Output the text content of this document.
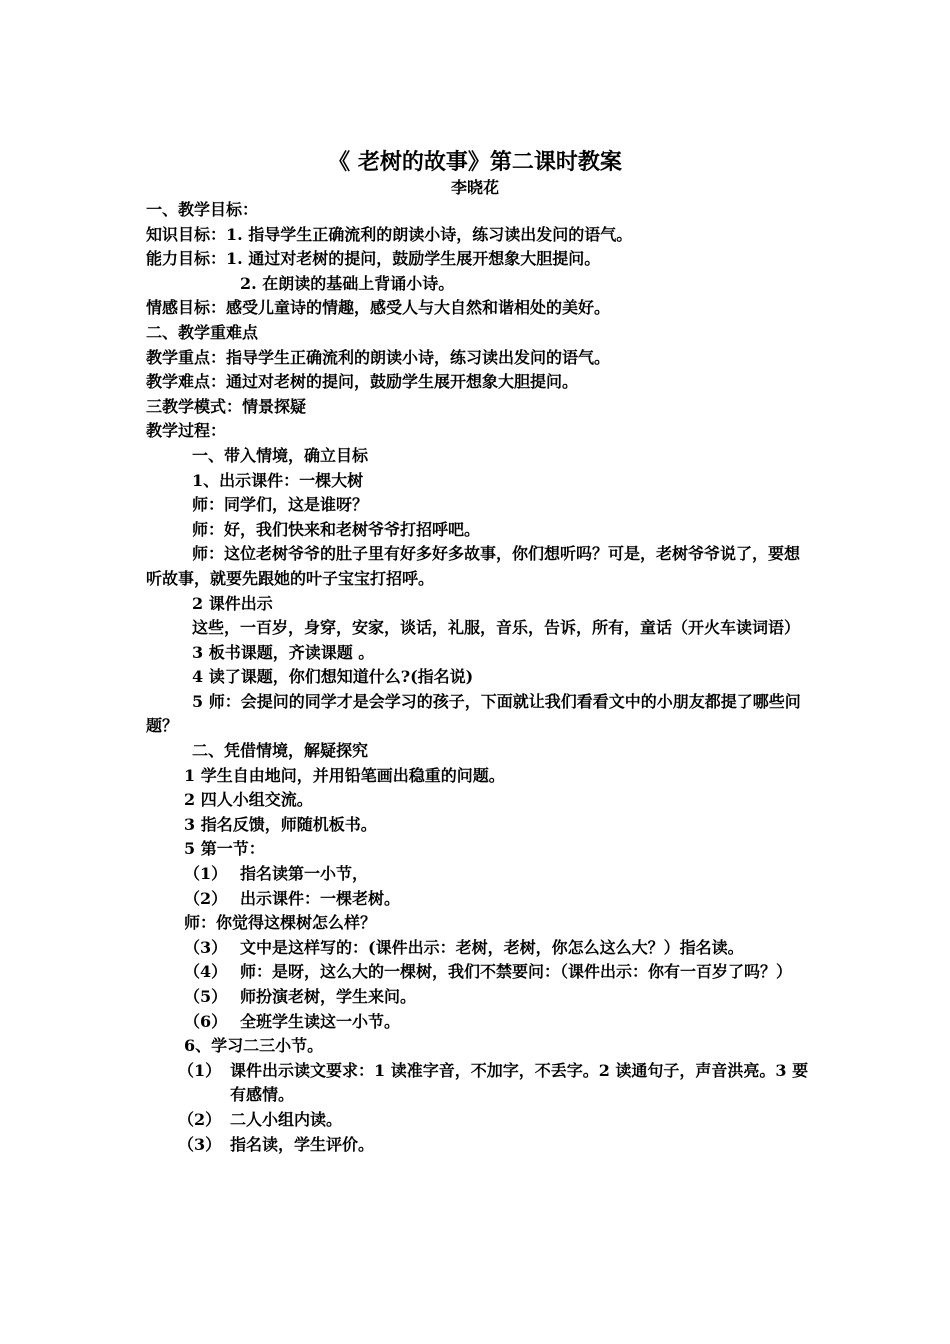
《 老树的故事》第二课时教案
李晓花
一、教学目标：
知识目标： 1. 指导学生正确流利的朗读小诗，练习读出发问的语气。
能力目标： 1. 通过对老树的提问，鼓励学生展开想象大胆提问。
2. 在朗读的基础上背诵小诗。
情感目标：感受儿童诗的情趣，感受人与大自然和谐相处的美好。
二、教学重难点
教学重点：指导学生正确流利的朗读小诗，练习读出发问的语气。
教学难点：通过对老树的提问，鼓励学生展开想象大胆提问。
三教学模式：情景探疑
教学过程：
一、带入情境，确立目标
1、出示课件：一棵大树
师：同学们，这是谁呀？
师：好，我们快来和老树爷爷打招呼吧。
师：这位老树爷爷的肚子里有好多好多故事，你们想听吗？可是，老树爷爷说了，要想听故事，就要先跟她的叶子宝宝打招呼。
2 课件出示
这些，一百岁，身穿，安家，谈话，礼服，音乐，告诉，所有，童话（开火车读词语）
3 板书课题，齐读课题 。
4 读了课题，你们想知道什么?(指名说)
5 师：会提问的同学才是会学习的孩子，下面就让我们看看文中的小朋友都提了哪些问题？
二、凭借情境，解疑探究
1 学生自由地问，并用铅笔画出稳重的问题。
2 四人小组交流。
3 指名反馈，师随机板书。
5 第一节：
（1） 指名读第一小节，
（2） 出示课件：一棵老树。
师：你觉得这棵树怎么样？
（3） 文中是这样写的：(课件出示：老树，老树，你怎么这么大？）指名读。
（4） 师：是呀，这么大的一棵树，我们不禁要问：（课件出示：你有一百岁了吗？）
（5） 师扮演老树，学生来问。
（6） 全班学生读这一小节。
6、学习二三小节。
（1） 课件出示读文要求：1 读准字音，不加字，不丢字。2 读通句子，声音洪亮。3 要有感情。
（2） 二人小组内读。
（3） 指名读，学生评价。
